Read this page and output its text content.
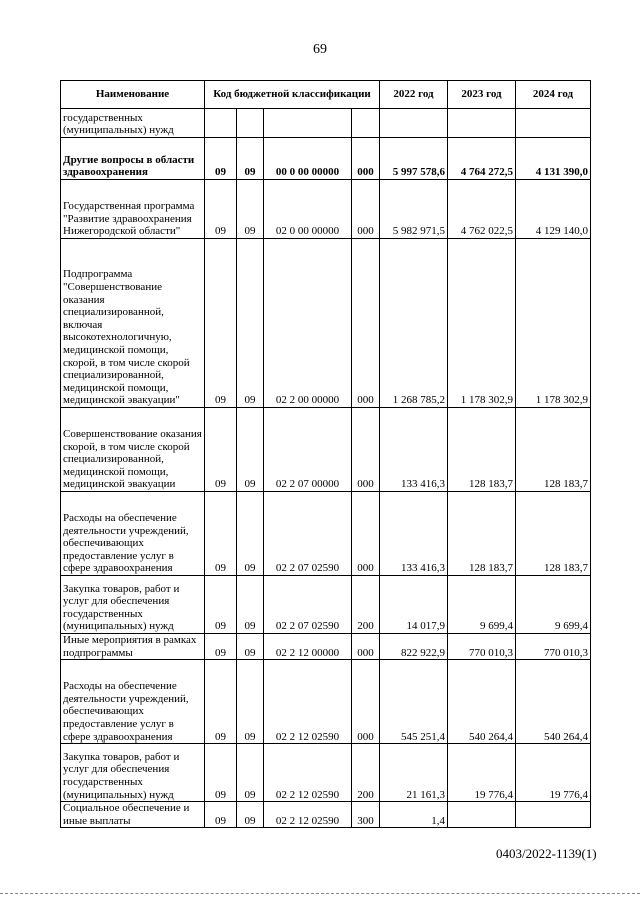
69
Наименование	Код бюджетной классификации				2022 год	2023 год	2024 год
государственных (муниципальных) нужд							
Другие вопросы в области здравоохранения	09	09	00 0 00 00000	000	5 997 578,6	4 764 272,5	4 131 390,0
Государственная программа "Развитие здравоохранения Нижегородской области"	09	09	02 0 00 00000	000	5 982 971,5	4 762 022,5	4 129 140,0
Подпрограмма "Совершенствование оказания специализированной, включая высокотехнологичную, медицинской помощи, скорой, в том числе скорой специализированной, медицинской помощи, медицинской эвакуации"	09	09	02 2 00 00000	000	1 268 785,2	1 178 302,9	1 178 302,9
Совершенствование оказания скорой, в том числе скорой специализированной, медицинской помощи, медицинской эвакуации	09	09	02 2 07 00000	000	133 416,3	128 183,7	128 183,7
Расходы на обеспечение деятельности учреждений, обеспечивающих предоставление услуг в сфере здравоохранения	09	09	02 2 07 02590	000	133 416,3	128 183,7	128 183,7
Закупка товаров, работ и услуг для обеспечения государственных (муниципальных) нужд	09	09	02 2 07 02590	200	14 017,9	9 699,4	9 699,4
Иные мероприятия в рамках подпрограммы	09	09	02 2 12 00000	000	822 922,9	770 010,3	770 010,3
Расходы на обеспечение деятельности учреждений, обеспечивающих предоставление услуг в сфере здравоохранения	09	09	02 2 12 02590	000	545 251,4	540 264,4	540 264,4
Закупка товаров, работ и услуг для обеспечения государственных (муниципальных) нужд	09	09	02 2 12 02590	200	21 161,3	19 776,4	19 776,4
Социальное обеспечение и иные выплаты	09	09	02 2 12 02590	300	1,4		
0403/2022-1139(1)
